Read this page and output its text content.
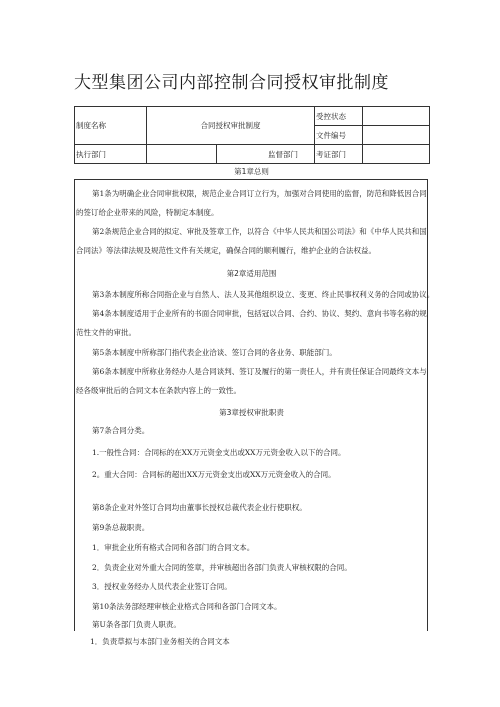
大型集团公司内部控制合同授权审批制度
制度名称	合同授权审批制度		受控状态	
			文件编号	
执行部门		监督部门	考证部门	
第1章总则
第1条为明确企业合同审批权限，规范企业合同订立行为，加强对合同使用的监督，防范和降低因合同
的签订给企业带来的风险，特制定本制度。
第2条规范企业合同的拟定、审批及签章工作，以符合《中华人民共和国公司法》和《中华人民共和国
合同法》等法律法规及规范性文件有关规定，确保合同的顺利履行，维护企业的合法权益。
第2章适用范围
第3条本制度所称合同指企业与自然人、法人及其他组织设立、变更、终止民事权利义务的合同或协议。
第4条本制度适用于企业所有的书面合同审批，包括冠以合同、合约、协议、契约、意向书等名称的规
范性文件的审批。
第5条本制度中所称部门指代表企业洽谈、签订合同的各业务、职能部门。
第6条本制度中所称业务经办人是合同谈判、签订及履行的第一责任人，并有责任保证合同最终文本与
经各级审批后的合同文本在条款内容上的一致性。
第3章授权审批职责
第7条合同分类。
1.一般性合同：合同标的在XX万元资金支出或XX万元资金收入以下的合同。
2。重大合同：合同标的超出XX万元资金支出或XX万元资金收入的合同。
第8条企业对外签订合同均由董事长授权总裁代表企业行使职权。
第9条总裁职责。
1．审批企业所有格式合同和各部门的合同文本。
2．负责企业对外重大合同的签章，并审核超出各部门负责人审核权限的合同。
3．授权业务经办人员代表企业签订合同。
第10条法务部经理审核企业格式合同和各部门合同文本。
第U条各部门负责人职责。
1．负责草拟与本部门业务相关的合同文本
